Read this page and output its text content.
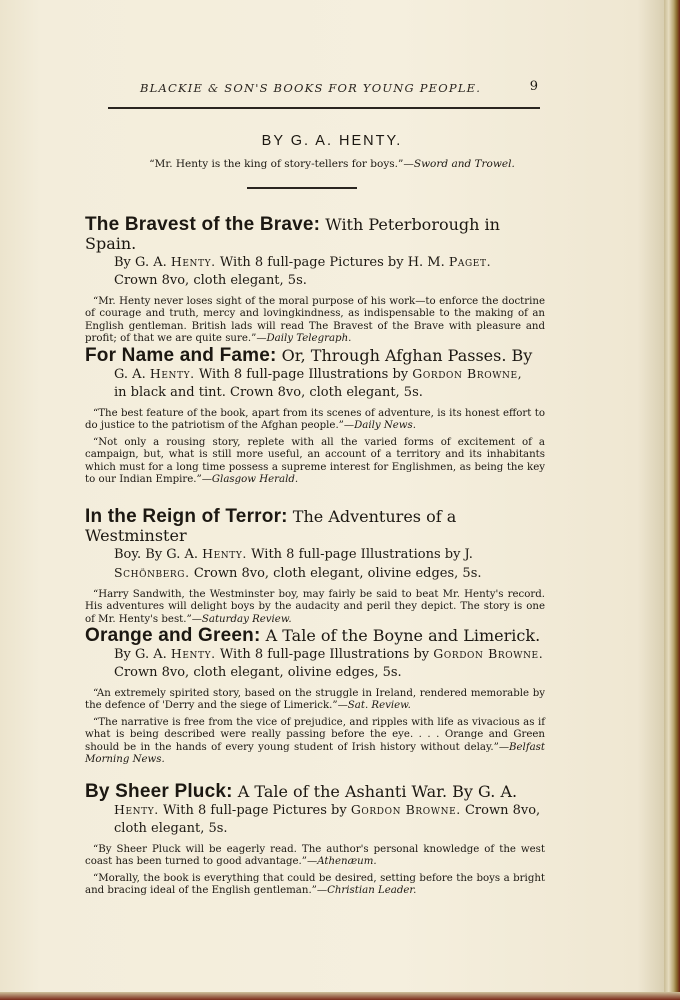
BLACKIE & SON'S BOOKS FOR YOUNG PEOPLE.	9
BY G. A. HENTY.
“Mr. Henty is the king of story-tellers for boys.”—Sword and Trowel.
The Bravest of the Brave: With Peterborough in Spain.
By G. A. Henty. With 8 full-page Pictures by H. M. Paget.
Crown 8vo, cloth elegant, 5s.
“Mr. Henty never loses sight of the moral purpose of his work—to enforce the doctrine of courage and truth, mercy and lovingkindness, as indispensable to the making of an English gentleman. British lads will read The Bravest of the Brave with pleasure and profit; of that we are quite sure.”—Daily Telegraph.
For Name and Fame: Or, Through Afghan Passes. By
G. A. Henty. With 8 full-page Illustrations by Gordon Browne,
in black and tint. Crown 8vo, cloth elegant, 5s.
“The best feature of the book, apart from its scenes of adventure, is its honest effort to do justice to the patriotism of the Afghan people.”—Daily News.
“Not only a rousing story, replete with all the varied forms of excitement of a campaign, but, what is still more useful, an account of a territory and its inhabitants which must for a long time possess a supreme interest for Englishmen, as being the key to our Indian Empire.”—Glasgow Herald.
In the Reign of Terror: The Adventures of a Westminster
Boy. By G. A. Henty. With 8 full-page Illustrations by J. Schönberg. Crown 8vo, cloth elegant, olivine edges, 5s.
“Harry Sandwith, the Westminster boy, may fairly be said to beat Mr. Henty's record. His adventures will delight boys by the audacity and peril they depict. The story is one of Mr. Henty's best.”—Saturday Review.
Orange and Green: A Tale of the Boyne and Limerick.
By G. A. Henty. With 8 full-page Illustrations by Gordon Browne. Crown 8vo, cloth elegant, olivine edges, 5s.
“An extremely spirited story, based on the struggle in Ireland, rendered memorable by the defence of 'Derry and the siege of Limerick.”—Sat. Review.
“The narrative is free from the vice of prejudice, and ripples with life as vivacious as if what is being described were really passing before the eye. . . . Orange and Green should be in the hands of every young student of Irish history without delay.”—Belfast Morning News.
By Sheer Pluck: A Tale of the Ashanti War. By G. A.
Henty. With 8 full-page Pictures by Gordon Browne. Crown 8vo, cloth elegant, 5s.
“By Sheer Pluck will be eagerly read. The author's personal knowledge of the west coast has been turned to good advantage.”—Athenæum.
“Morally, the book is everything that could be desired, setting before the boys a bright and bracing ideal of the English gentleman.”—Christian Leader.
